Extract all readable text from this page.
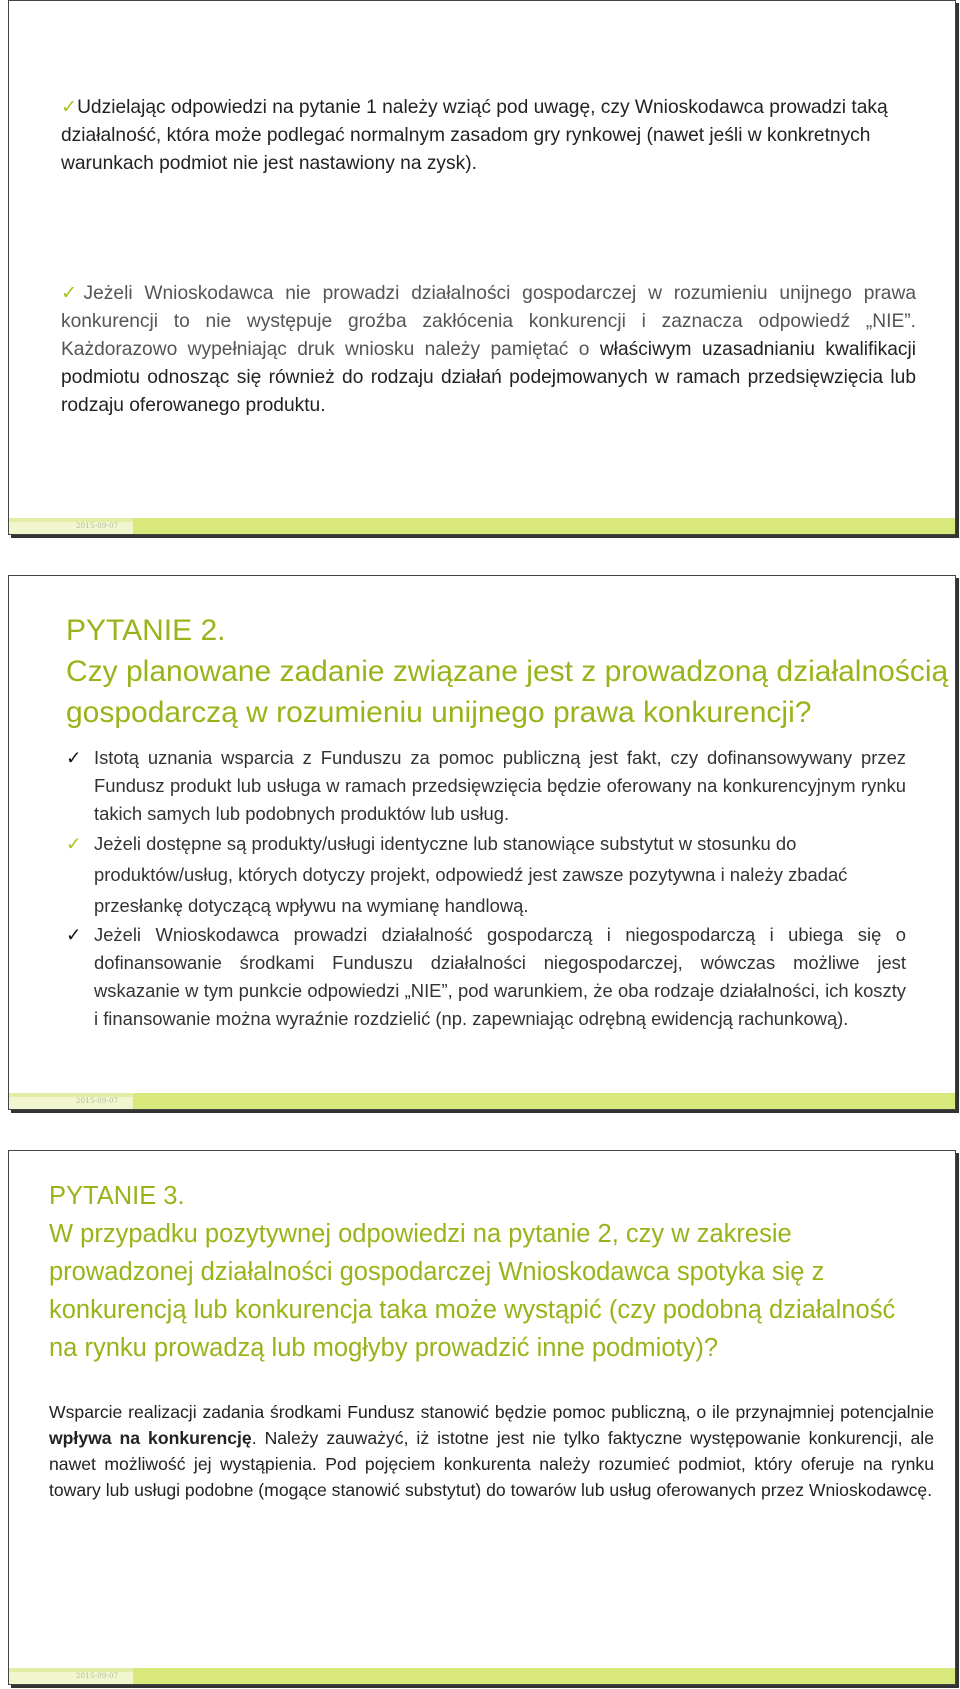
✓Udzielając odpowiedzi na pytanie 1 należy wziąć pod uwagę, czy Wnioskodawca prowadzi taką działalność, która może podlegać normalnym zasadom gry rynkowej (nawet jeśli w konkretnych warunkach podmiot nie jest nastawiony na zysk).
✓Jeżeli Wnioskodawca nie prowadzi działalności gospodarczej w rozumieniu unijnego prawa konkurencji to nie występuje groźba zakłócenia konkurencji i zaznacza odpowiedź „NIE”. Każdorazowo wypełniając druk wniosku należy pamiętać o właściwym uzasadnianiu kwalifikacji podmiotu odnosząc się również do rodzaju działań podejmowanych w ramach przedsięwzięcia lub rodzaju oferowanego produktu.
2015-09-07
PYTANIE 2.
Czy planowane zadanie związane jest z prowadzoną działalnością
gospodarczą w rozumieniu unijnego prawa konkurencji?
✓ Istotą uznania wsparcia z Funduszu za pomoc publiczną jest fakt, czy dofinansowywany przez Fundusz produkt lub usługa w ramach przedsięwzięcia będzie oferowany na konkurencyjnym rynku takich samych lub podobnych produktów lub usług.
✓ Jeżeli dostępne są produkty/usługi identyczne lub stanowiące substytut w stosunku do produktów/usług, których dotyczy projekt, odpowiedź jest zawsze pozytywna i należy zbadać przesłankę dotyczącą wpływu na wymianę handlową.
✓ Jeżeli Wnioskodawca prowadzi działalność gospodarczą i niegospodarczą i ubiega się o dofinansowanie środkami Funduszu działalności niegospodarczej, wówczas możliwe jest wskazanie w tym punkcie odpowiedzi „NIE”, pod warunkiem, że oba rodzaje działalności, ich koszty i finansowanie można wyraźnie rozdzielić (np. zapewniając odrębną ewidencją rachunkową).
2015-09-07
PYTANIE 3.
W przypadku pozytywnej odpowiedzi na pytanie 2, czy w zakresie prowadzonej działalności gospodarczej Wnioskodawca spotyka się z konkurencją lub konkurencja taka może wystąpić (czy podobną działalność na rynku prowadzą lub mogłyby prowadzić inne podmioty)?
Wsparcie realizacji zadania środkami Fundusz stanowić będzie pomoc publiczną, o ile przynajmniej potencjalnie wpływa na konkurencję. Należy zauważyć, iż istotne jest nie tylko faktyczne występowanie konkurencji, ale nawet możliwość jej wystąpienia. Pod pojęciem konkurenta należy rozumieć podmiot, który oferuje na rynku towary lub usługi podobne (mogące stanowić substytut) do towarów lub usług oferowanych przez Wnioskodawcę.
2015-09-07
